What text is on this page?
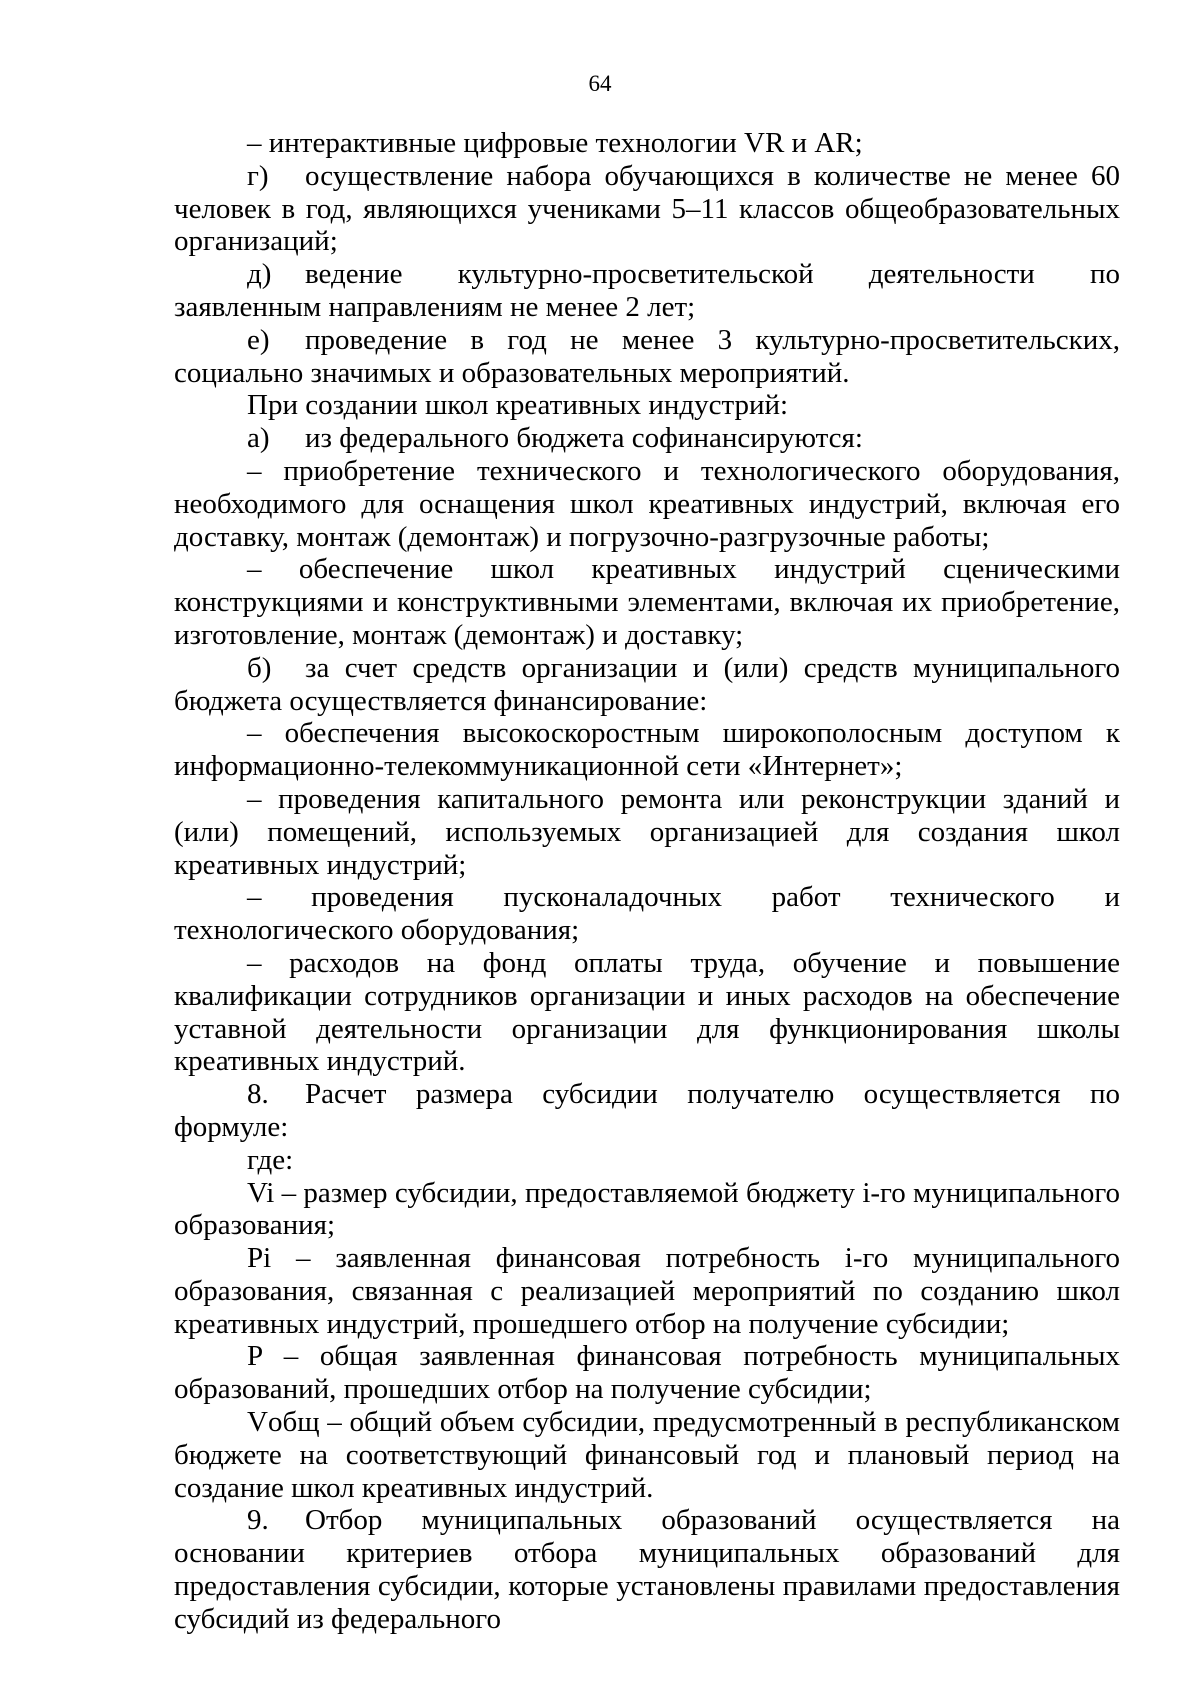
64

– интерактивные цифровые технологии VR и AR;

г) осуществление набора обучающихся в количестве не менее 60 человек в год, являющихся учениками 5–11 классов общеобразовательных организаций;

д) ведение культурно-просветительской деятельности по заявленным направлениям не менее 2 лет;

е) проведение в год не менее 3 культурно-просветительских, социально значимых и образовательных мероприятий.

При создании школ креативных индустрий:

а) из федерального бюджета софинансируются:

– приобретение технического и технологического оборудования, необходимого для оснащения школ креативных индустрий, включая его доставку, монтаж (демонтаж) и погрузочно-разгрузочные работы;

– обеспечение школ креативных индустрий сценическими конструкциями и конструктивными элементами, включая их приобретение, изготовление, монтаж (демонтаж) и доставку;

б) за счет средств организации и (или) средств муниципального бюджета осуществляется финансирование:

– обеспечения высокоскоростным широкополосным доступом к информационно-телекоммуникационной сети «Интернет»;

– проведения капитального ремонта или реконструкции зданий и (или) помещений, используемых организацией для создания школ креативных индустрий;

– проведения пусконаладочных работ технического и технологического оборудования;

– расходов на фонд оплаты труда, обучение и повышение квалификации сотрудников организации и иных расходов на обеспечение уставной деятельности организации для функционирования школы креативных индустрий.

8. Расчет размера субсидии получателю осуществляется по формуле:

где:

Vi – размер субсидии, предоставляемой бюджету i-го муниципального образования;

Pi – заявленная финансовая потребность i-го муниципального образования, связанная с реализацией мероприятий по созданию школ креативных индустрий, прошедшего отбор на получение субсидии;

P – общая заявленная финансовая потребность муниципальных образований, прошедших отбор на получение субсидии;

Vобщ – общий объем субсидии, предусмотренный в республиканском бюджете на соответствующий финансовый год и плановый период на создание школ креативных индустрий.

9. Отбор муниципальных образований осуществляется на основании критериев отбора муниципальных образований для предоставления субсидии, которые установлены правилами предоставления субсидий из федерального
